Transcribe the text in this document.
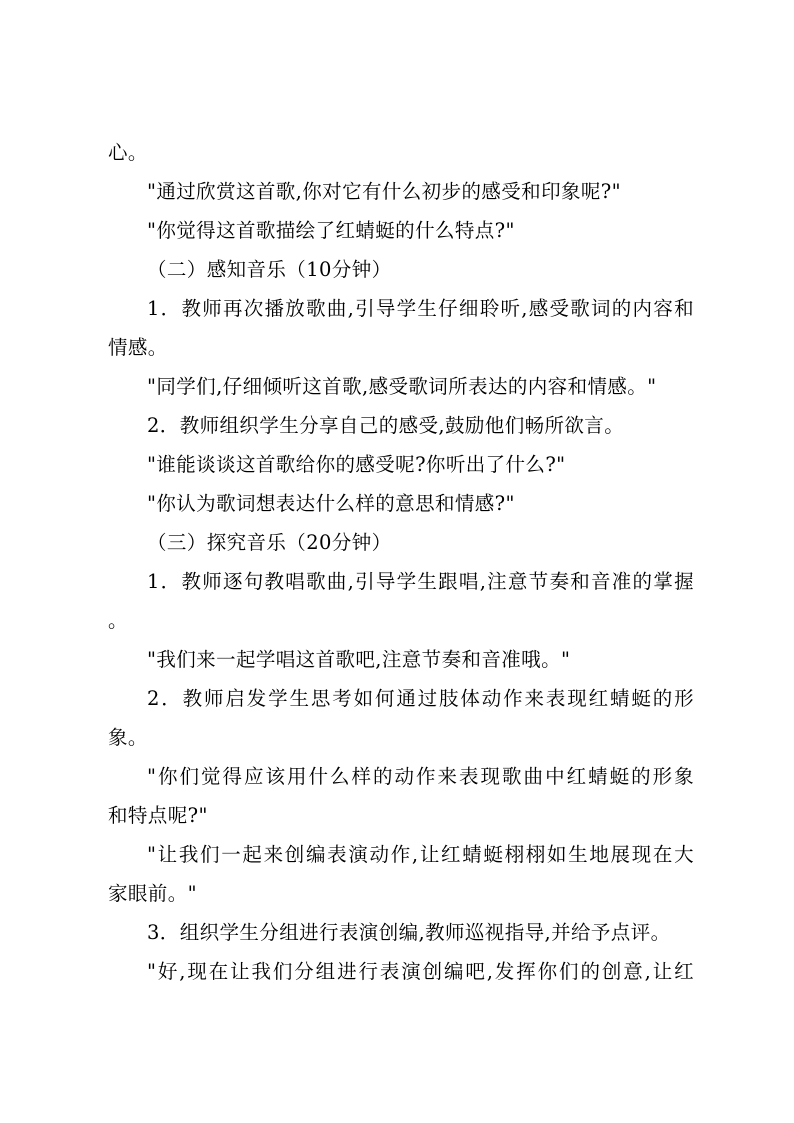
心。
"通过欣赏这首歌,你对它有什么初步的感受和印象呢?"
"你觉得这首歌描绘了红蜻蜓的什么特点?"
（二）感知音乐（10分钟）
1．教师再次播放歌曲,引导学生仔细聆听,感受歌词的内容和
情感。
"同学们,仔细倾听这首歌,感受歌词所表达的内容和情感。"
2．教师组织学生分享自己的感受,鼓励他们畅所欲言。
"谁能谈谈这首歌给你的感受呢?你听出了什么?"
"你认为歌词想表达什么样的意思和情感?"
（三）探究音乐（20分钟）
1．教师逐句教唱歌曲,引导学生跟唱,注意节奏和音准的掌握
。
"我们来一起学唱这首歌吧,注意节奏和音准哦。"
2．教师启发学生思考如何通过肢体动作来表现红蜻蜓的形
象。
"你们觉得应该用什么样的动作来表现歌曲中红蜻蜓的形象
和特点呢?"
"让我们一起来创编表演动作,让红蜻蜓栩栩如生地展现在大
家眼前。"
3．组织学生分组进行表演创编,教师巡视指导,并给予点评。
"好,现在让我们分组进行表演创编吧,发挥你们的创意,让红
